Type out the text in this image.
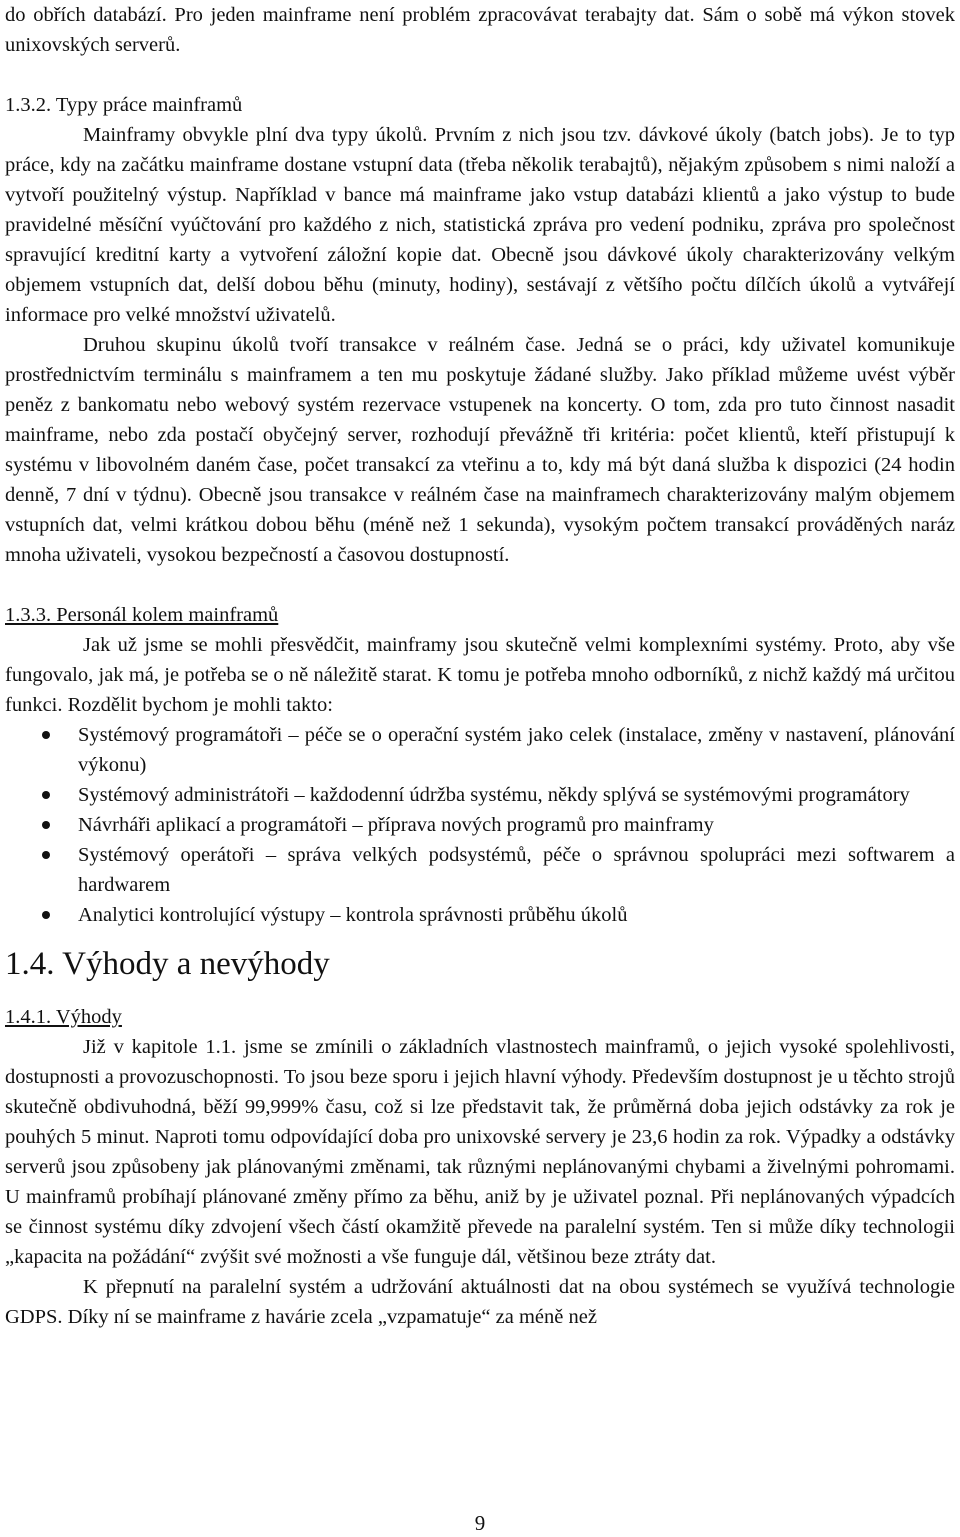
do obřích databází. Pro jeden mainframe není problém zpracovávat terabajty dat. Sám o sobě má výkon stovek unixovských serverů.

1.3.2. Typy práce mainframů

Mainframy obvykle plní dva typy úkolů. Prvním z nich jsou tzv. dávkové úkoly (batch jobs). Je to typ práce, kdy na začátku mainframe dostane vstupní data (třeba několik terabajtů), nějakým způsobem s nimi naloží a vytvoří použitelný výstup. Například v bance má mainframe jako vstup databázi klientů a jako výstup to bude pravidelné měsíční vyúčtování pro každého z nich, statistická zpráva pro vedení podniku, zpráva pro společnost spravující kreditní karty a vytvoření záložní kopie dat. Obecně jsou dávkové úkoly charakterizovány velkým objemem vstupních dat, delší dobou běhu (minuty, hodiny), sestávají z většího počtu dílčích úkolů a vytvářejí informace pro velké množství uživatelů.

Druhou skupinu úkolů tvoří transakce v reálném čase. Jedná se o práci, kdy uživatel komunikuje prostřednictvím terminálu s mainframem a ten mu poskytuje žádané služby. Jako příklad můžeme uvést výběr peněz z bankomatu nebo webový systém rezervace vstupenek na koncerty. O tom, zda pro tuto činnost nasadit mainframe, nebo zda postačí obyčejný server, rozhodují převážně tři kritéria: počet klientů, kteří přistupují k systému v libovolném daném čase, počet transakcí za vteřinu a to, kdy má být daná služba k dispozici (24 hodin denně, 7 dní v týdnu). Obecně jsou transakce v reálném čase na mainframech charakterizovány malým objemem vstupních dat, velmi krátkou dobou běhu (méně než 1 sekunda), vysokým počtem transakcí prováděných naráz mnoha uživateli, vysokou bezpečností a časovou dostupností.

1.3.3. Personál kolem mainframů

Jak už jsme se mohli přesvědčit, mainframy jsou skutečně velmi komplexními systémy. Proto, aby vše fungovalo, jak má, je potřeba se o ně náležitě starat. K tomu je potřeba mnoho odborníků, z nichž každý má určitou funkci. Rozdělit bychom je mohli takto:

Systémový programátoři – péče se o operační systém jako celek (instalace, změny v nastavení, plánování výkonu)
Systémový administrátoři – každodenní údržba systému, někdy splývá se systémovými programátory
Návrháři aplikací a programátoři – příprava nových programů pro mainframy
Systémový operátoři – správa velkých podsystémů, péče o správnou spolupráci mezi softwarem a hardwarem
Analytici kontrolující výstupy – kontrola správnosti průběhu úkolů
1.4. Výhody a nevýhody

1.4.1. Výhody

Již v kapitole 1.1. jsme se zmínili o základních vlastnostech mainframů, o jejich vysoké spolehlivosti, dostupnosti a provozuschopnosti. To jsou beze sporu i jejich hlavní výhody. Především dostupnost je u těchto strojů skutečně obdivuhodná, běží 99,999% času, což si lze představit tak, že průměrná doba jejich odstávky za rok je pouhých 5 minut. Naproti tomu odpovídající doba pro unixovské servery je 23,6 hodin za rok. Výpadky a odstávky serverů jsou způsobeny jak plánovanými změnami, tak různými neplánovanými chybami a živelnými pohromami. U mainframů probíhají plánované změny přímo za běhu, aniž by je uživatel poznal. Při neplánovaných výpadcích se činnost systému díky zdvojení všech částí okamžitě převede na paralelní systém. Ten si může díky technologii „kapacita na požádání“ zvýšit své možnosti a vše funguje dál, většinou beze ztráty dat.

K přepnutí na paralelní systém a udržování aktuálnosti dat na obou systémech se využívá technologie GDPS. Díky ní se mainframe z havárie zcela „vzpamatuje“ za méně než

9
